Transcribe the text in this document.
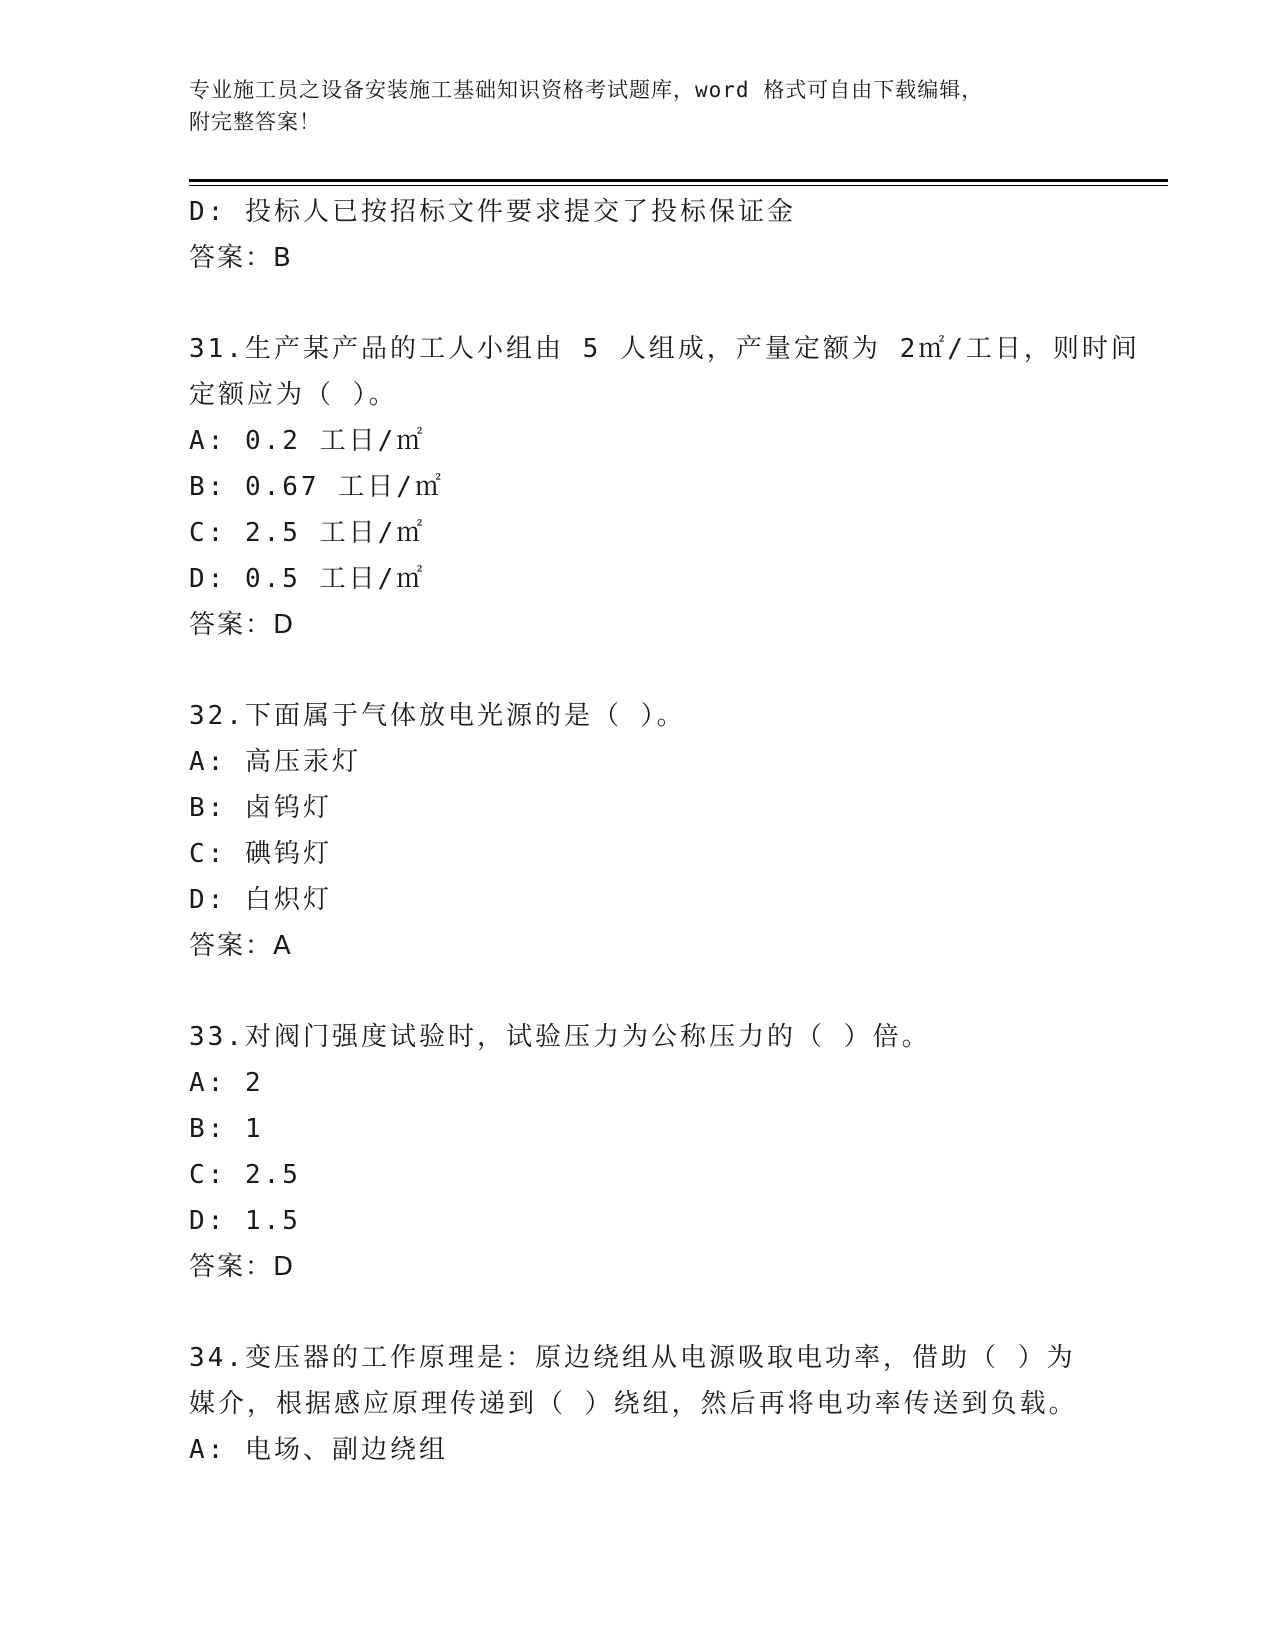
专业施工员之设备安装施工基础知识资格考试题库，word 格式可自由下载编辑，
附完整答案！
D: 投标人已按招标文件要求提交了投标保证金
答案：B
31.生产某产品的工人小组由 5 人组成，产量定额为 2㎡/工日，则时间
定额应为（ ）。
A: 0.2 工日/㎡
B: 0.67 工日/㎡
C: 2.5 工日/㎡
D: 0.5 工日/㎡
答案：D
32.下面属于气体放电光源的是（ ）。
A: 高压汞灯
B: 卤钨灯
C: 碘钨灯
D: 白炽灯
答案：A
33.对阀门强度试验时，试验压力为公称压力的（ ）倍。
A: 2
B: 1
C: 2.5
D: 1.5
答案：D
34.变压器的工作原理是：原边绕组从电源吸取电功率，借助（ ）为
媒介，根据感应原理传递到（ ）绕组，然后再将电功率传送到负载。
A: 电场、副边绕组
